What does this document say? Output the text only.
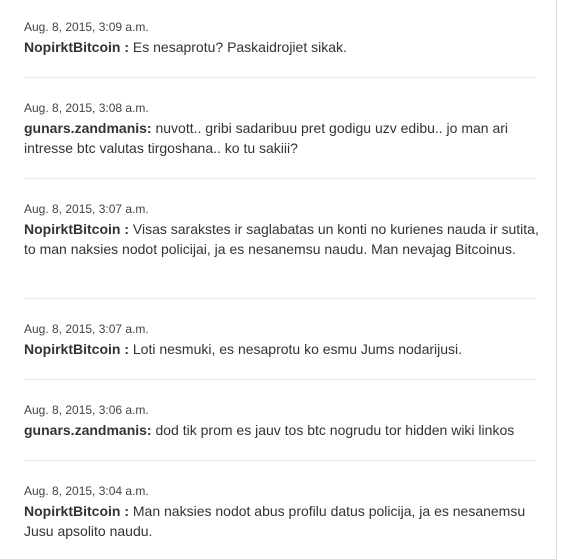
Aug. 8, 2015, 3:09 a.m.
NopirktBitcoin : Es nesaprotu? Paskaidrojiet sikak.
Aug. 8, 2015, 3:08 a.m.
gunars.zandmanis: nuvott.. gribi sadaribuu pret godigu uzv edibu.. jo man ari intresse btc valutas tirgoshana.. ko tu sakiii?
Aug. 8, 2015, 3:07 a.m.
NopirktBitcoin : Visas sarakstes ir saglabatas un konti no kurienes nauda ir sutita, to man naksies nodot policijai, ja es nesanemsu naudu. Man nevajag Bitcoinus.
Aug. 8, 2015, 3:07 a.m.
NopirktBitcoin : Loti nesmuki, es nesaprotu ko esmu Jums nodarijusi.
Aug. 8, 2015, 3:06 a.m.
gunars.zandmanis: dod tik prom es jauv tos btc nogrudu tor hidden wiki linkos
Aug. 8, 2015, 3:04 a.m.
NopirktBitcoin : Man naksies nodot abus profilu datus policija, ja es nesanemsu Jusu apsolito naudu.
